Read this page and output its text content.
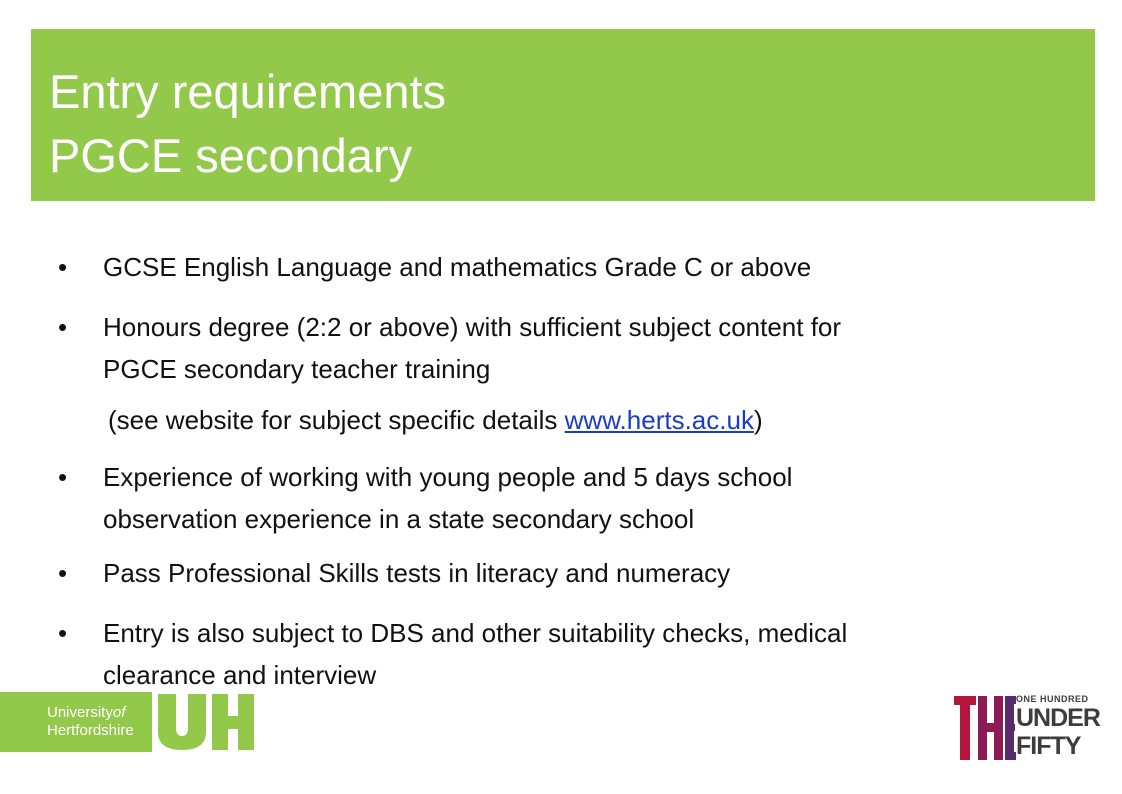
Entry requirements
PGCE secondary
• GCSE English Language and mathematics Grade C or above
• Honours degree (2:2 or above) with sufficient subject content for
PGCE secondary teacher training
(see website for subject specific details www.herts.ac.uk)
• Experience of working with young people and 5 days school
observation experience in a state secondary school
• Pass Professional Skills tests in literacy and numeracy
• Entry is also subject to DBS and other suitability checks, medical
clearance and interview
Universityof
Hertfordshire
ONE HUNDRED
UNDER
FIFTY
